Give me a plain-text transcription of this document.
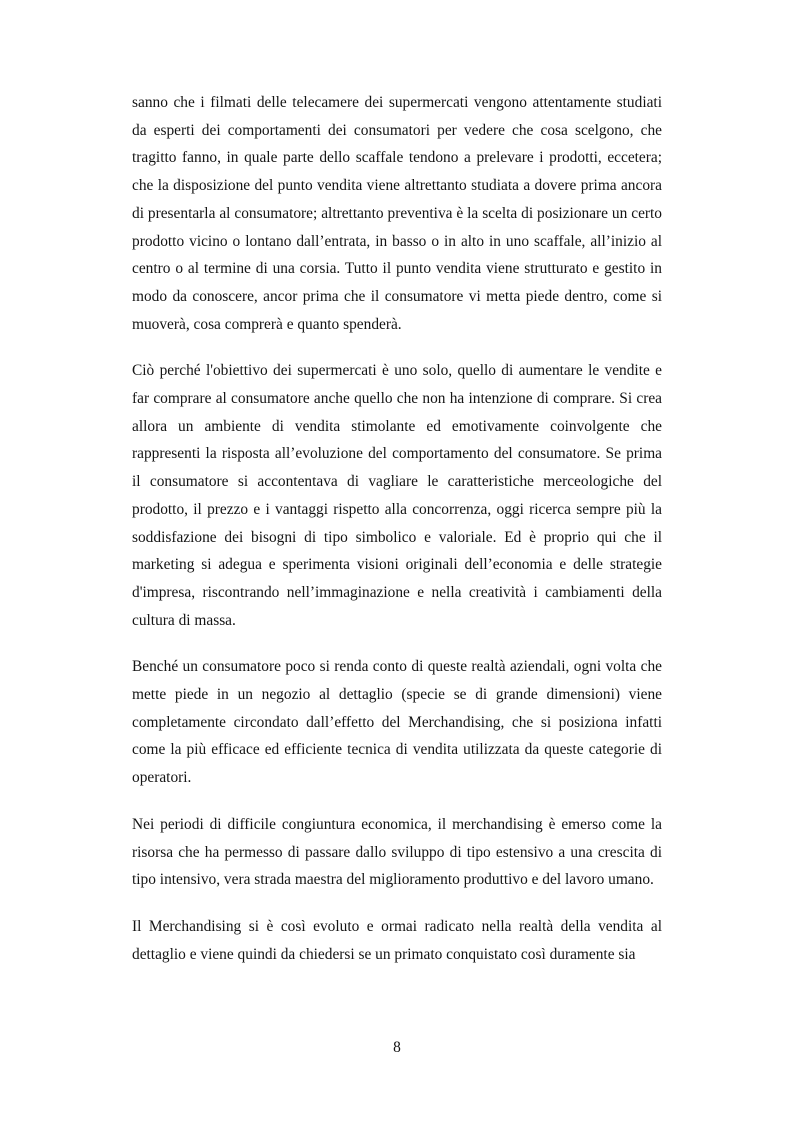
sanno che i filmati delle telecamere dei supermercati vengono attentamente studiati da esperti dei comportamenti dei consumatori per vedere che cosa scelgono, che tragitto fanno, in quale parte dello scaffale tendono a prelevare i prodotti, eccetera; che la disposizione del punto vendita viene altrettanto studiata a dovere prima ancora di presentarla al consumatore; altrettanto preventiva è la scelta di posizionare un certo prodotto vicino o lontano dall’entrata, in basso o in alto in uno scaffale, all’inizio al centro o al termine di una corsia. Tutto il punto vendita viene strutturato e gestito in modo da conoscere, ancor prima che il consumatore vi metta piede dentro, come si muoverà, cosa comprerà e quanto spenderà.

Ciò perché l'obiettivo dei supermercati è uno solo, quello di aumentare le vendite e far comprare al consumatore anche quello che non ha intenzione di comprare. Si crea allora un ambiente di vendita stimolante ed emotivamente coinvolgente che rappresenti la risposta all’evoluzione del comportamento del consumatore. Se prima il consumatore si accontentava di vagliare le caratteristiche merceologiche del prodotto, il prezzo e i vantaggi rispetto alla concorrenza, oggi ricerca sempre più la soddisfazione dei bisogni di tipo simbolico e valoriale. Ed è proprio qui che il marketing si adegua e sperimenta visioni originali dell’economia e delle strategie d'impresa, riscontrando nell’immaginazione e nella creatività i cambiamenti della cultura di massa.

Benché un consumatore poco si renda conto di queste realtà aziendali, ogni volta che mette piede in un negozio al dettaglio (specie se di grande dimensioni) viene completamente circondato dall’effetto del Merchandising, che si posiziona infatti come la più efficace ed efficiente tecnica di vendita utilizzata da queste categorie di operatori.

Nei periodi di difficile congiuntura economica, il merchandising è emerso come la risorsa che ha permesso di passare dallo sviluppo di tipo estensivo a una crescita di tipo intensivo, vera strada maestra del miglioramento produttivo e del lavoro umano.

Il Merchandising si è così evoluto e ormai radicato nella realtà della vendita al dettaglio e viene quindi da chiedersi se un primato conquistato così duramente sia

8
